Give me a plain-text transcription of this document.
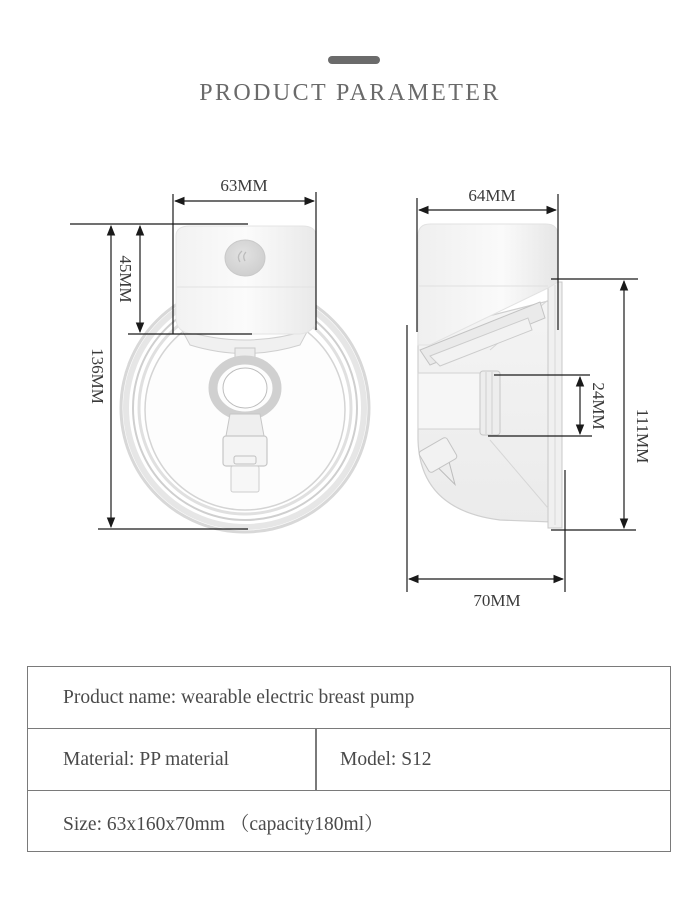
PRODUCT PARAMETER
63MM
45MM
136MM
64MM
24MM
111MM
70MM
Product name: wearable electric breast pump
Material: PP material	Model: S12
Size: 63x160x70mm （capacity180ml）
